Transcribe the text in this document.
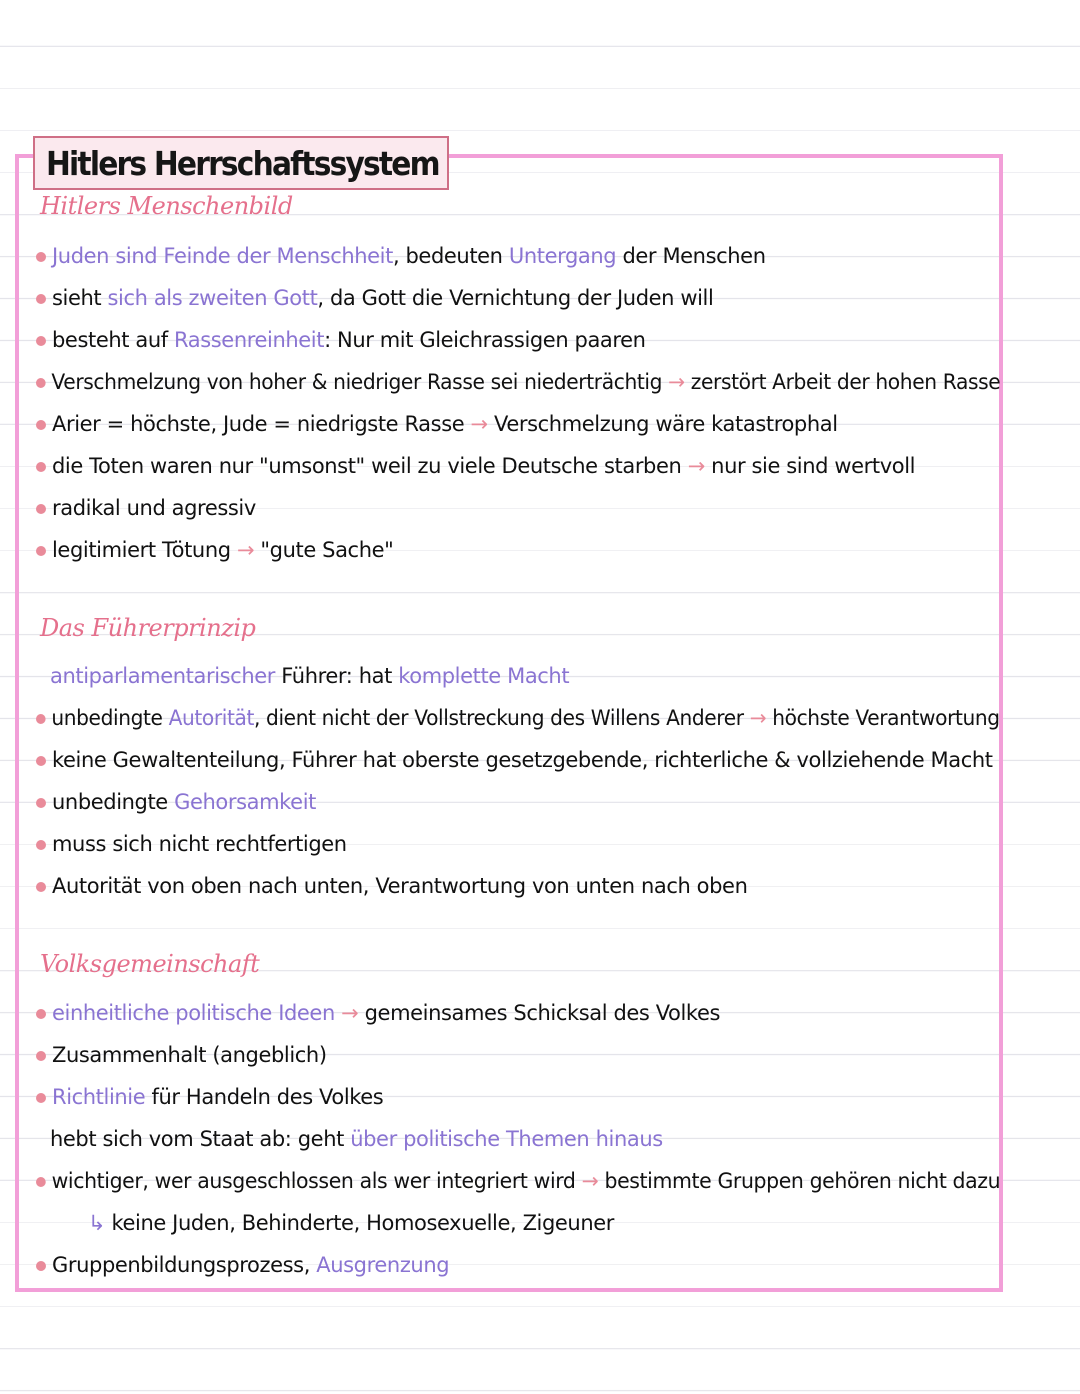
Hitlers Herrschaftssystem
Hitlers Menschenbild
Juden sind Feinde der Menschheit, bedeuten Untergang der Menschen
sieht sich als zweiten Gott, da Gott die Vernichtung der Juden will
besteht auf Rassenreinheit: Nur mit Gleichrassigen paaren
Verschmelzung von hoher & niedriger Rasse sei niederträchtig → zerstört Arbeit der hohen Rasse
Arier = höchste, Jude = niedrigste Rasse → Verschmelzung wäre katastrophal
die Toten waren nur "umsonst" weil zu viele Deutsche starben → nur sie sind wertvoll
radikal und agressiv
legitimiert Tötung → "gute Sache"
Das Führerprinzip
antiparlamentarischer Führer: hat komplette Macht
unbedingte Autorität, dient nicht der Vollstreckung des Willens Anderer → höchste Verantwortung
keine Gewaltenteilung, Führer hat oberste gesetzgebende, richterliche & vollziehende Macht
unbedingte Gehorsamkeit
muss sich nicht rechtfertigen
Autorität von oben nach unten, Verantwortung von unten nach oben
Volksgemeinschaft
einheitliche politische Ideen → gemeinsames Schicksal des Volkes
Zusammenhalt (angeblich)
Richtlinie für Handeln des Volkes
hebt sich vom Staat ab: geht über politische Themen hinaus
wichtiger, wer ausgeschlossen als wer integriert wird → bestimmte Gruppen gehören nicht dazu
↳ keine Juden, Behinderte, Homosexuelle, Zigeuner
Gruppenbildungsprozess, Ausgrenzung
